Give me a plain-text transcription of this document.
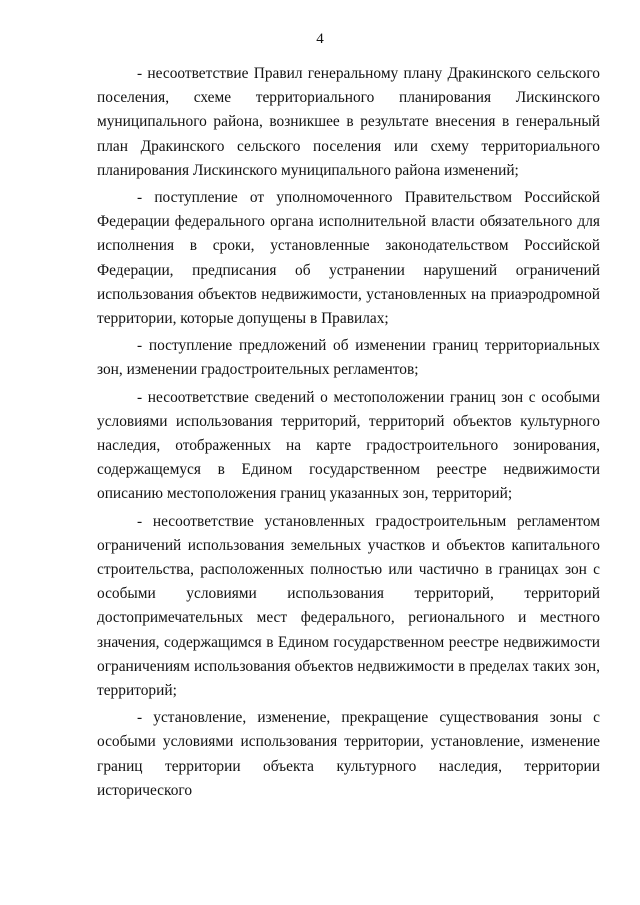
4

- несоответствие Правил генеральному плану Дракинского сельского поселения, схеме территориального планирования Лискинского муниципального района, возникшее в результате внесения в генеральный план Дракинского сельского поселения или схему территориального планирования Лискинского муниципального района изменений;

- поступление от уполномоченного Правительством Российской Федерации федерального органа исполнительной власти обязательного для исполнения в сроки, установленные законодательством Российской Федерации, предписания об устранении нарушений ограничений использования объектов недвижимости, установленных на приаэродромной территории, которые допущены в Правилах;

- поступление предложений об изменении границ территориальных зон, изменении градостроительных регламентов;

- несоответствие сведений о местоположении границ зон с особыми условиями использования территорий, территорий объектов культурного наследия, отображенных на карте градостроительного зонирования, содержащемуся в Едином государственном реестре недвижимости описанию местоположения границ указанных зон, территорий;

- несоответствие установленных градостроительным регламентом ограничений использования земельных участков и объектов капитального строительства, расположенных полностью или частично в границах зон с особыми условиями использования территорий, территорий достопримечательных мест федерального, регионального и местного значения, содержащимся в Едином государственном реестре недвижимости ограничениям использования объектов недвижимости в пределах таких зон, территорий;

- установление, изменение, прекращение существования зоны с особыми условиями использования территории, установление, изменение границ территории объекта культурного наследия, территории исторического
